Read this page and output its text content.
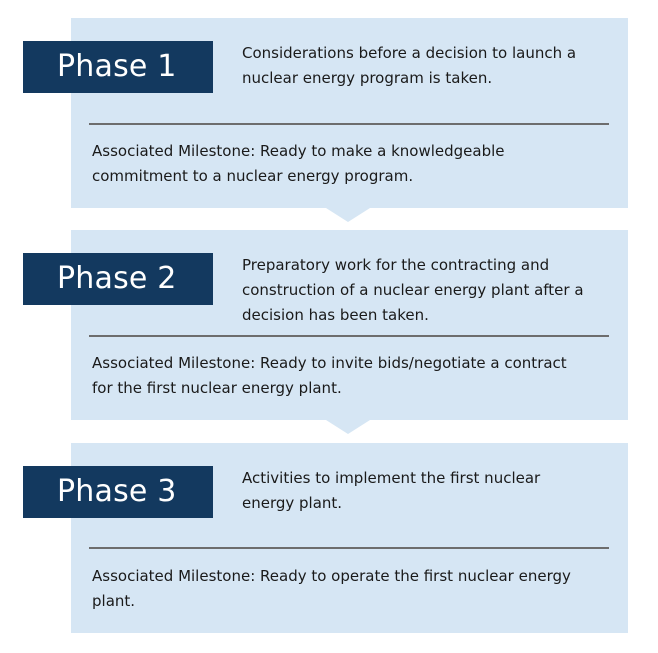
Phase 1	Considerations before a decision to launch a nuclear energy program is taken.
Associated Milestone: Ready to make a knowledgeable commitment to a nuclear energy program.
Phase 2	Preparatory work for the contracting and construction of a nuclear energy plant after a decision has been taken.
Associated Milestone: Ready to invite bids/negotiate a contract for the first nuclear energy plant.
Phase 3	Activities to implement the first nuclear energy plant.
Associated Milestone: Ready to operate the first nuclear energy plant.
